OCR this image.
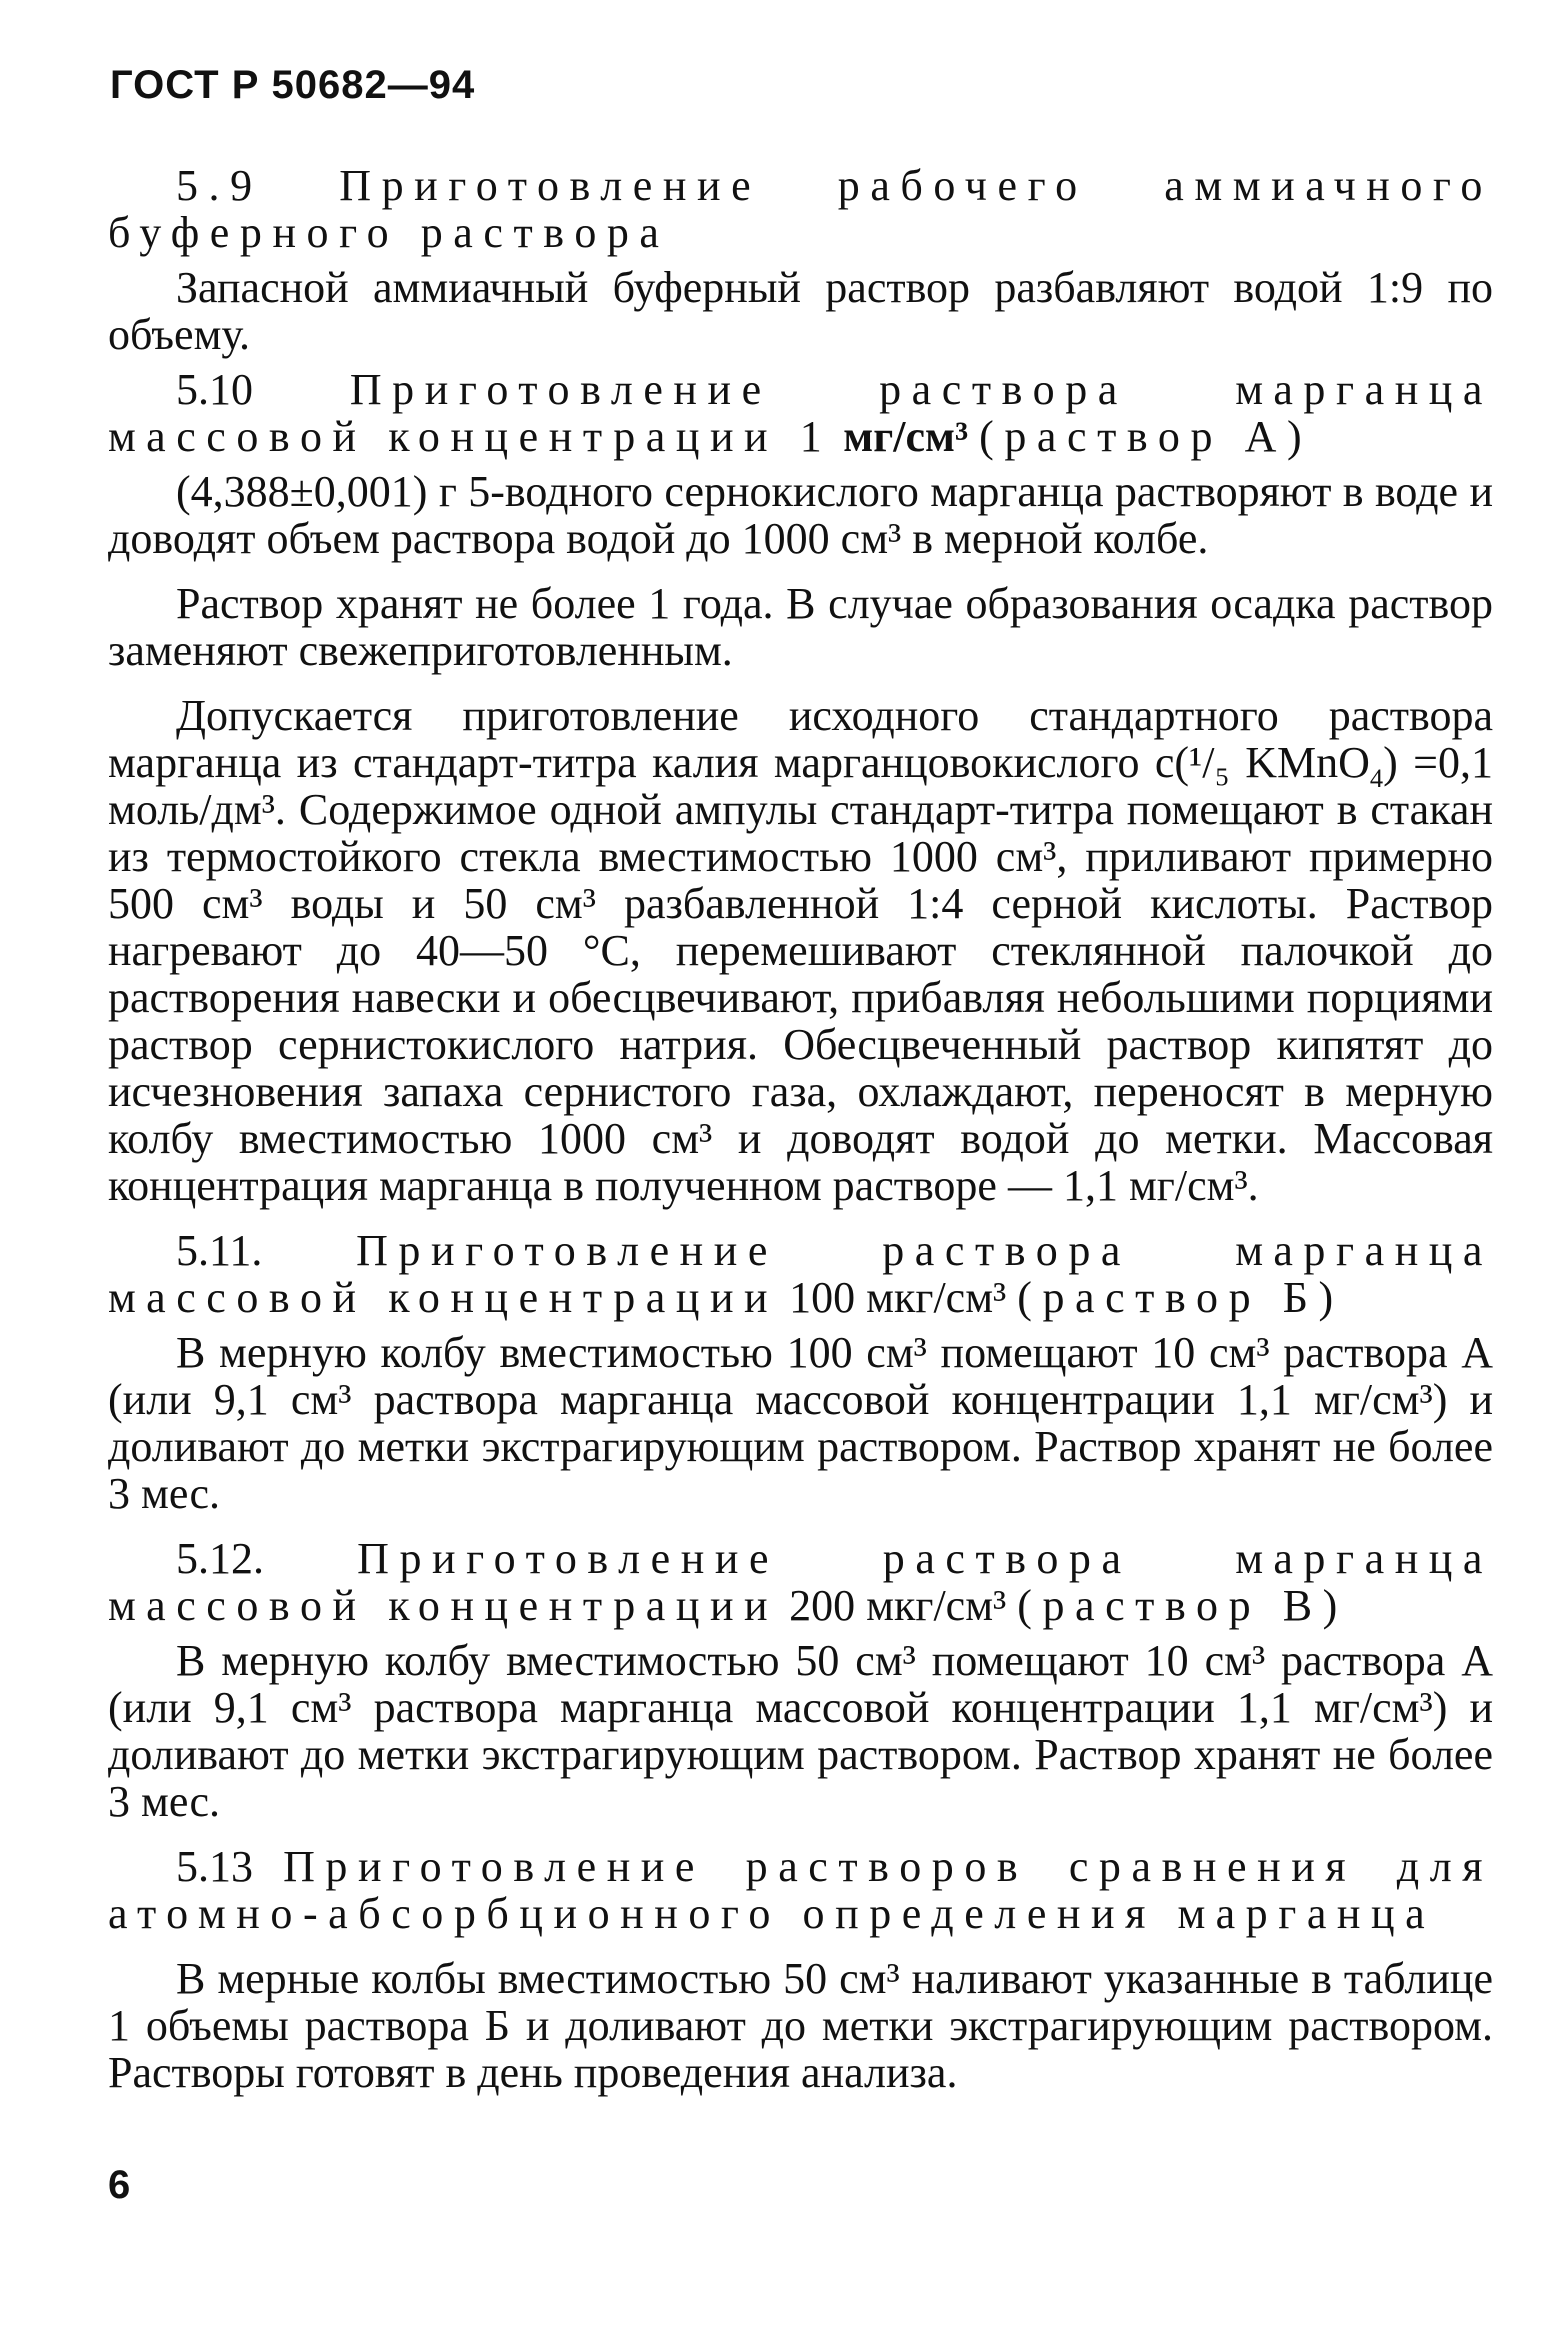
ГОСТ Р 50682—94

5.9 Приготовление рабочего аммиачного буферного раствора

Запасной аммиачный буферный раствор разбавляют водой 1:9 по объему.

5.10 Приготовление раствора марганца массовой концентрации 1 мг/см³ (раствор А)

(4,388±0,001) г 5-водного сернокислого марганца растворяют в воде и доводят объем раствора водой до 1000 см³ в мерной колбе.

Раствор хранят не более 1 года. В случае образования осадка раствор заменяют свежеприготовленным.

Допускается приготовление исходного стандартного раствора марганца из стандарт-титра калия марганцовокислого c(¹/₅ KMnO$_4$) =0,1 моль/дм³. Содержимое одной ампулы стандарт-титра помещают в стакан из термостойкого стекла вместимостью 1000 см³, приливают примерно 500 см³ воды и 50 см³ разбавленной 1:4 серной кислоты. Раствор нагревают до 40—50 °С, перемешивают стеклянной палочкой до растворения навески и обесцвечивают, прибавляя небольшими порциями раствор сернистокислого натрия. Обесцвеченный раствор кипятят до исчезновения запаха сернистого газа, охлаждают, переносят в мерную колбу вместимостью 1000 см³ и доводят водой до метки. Массовая концентрация марганца в полученном растворе — 1,1 мг/см³.

5.11. Приготовление раствора марганца массовой концентрации 100 мкг/см³ (раствор Б)

В мерную колбу вместимостью 100 см³ помещают 10 см³ раствора А (или 9,1 см³ раствора марганца массовой концентрации 1,1 мг/см³) и доливают до метки экстрагирующим раствором. Раствор хранят не более 3 мес.

5.12. Приготовление раствора марганца массовой концентрации 200 мкг/см³ (раствор В)

В мерную колбу вместимостью 50 см³ помещают 10 см³ раствора А (или 9,1 см³ раствора марганца массовой концентрации 1,1 мг/см³) и доливают до метки экстрагирующим раствором. Раствор хранят не более 3 мес.

5.13 Приготовление растворов сравнения для атомно-абсорбционного определения марганца

В мерные колбы вместимостью 50 см³ наливают указанные в таблице 1 объемы раствора Б и доливают до метки экстрагирующим раствором. Растворы готовят в день проведения анализа.

6
